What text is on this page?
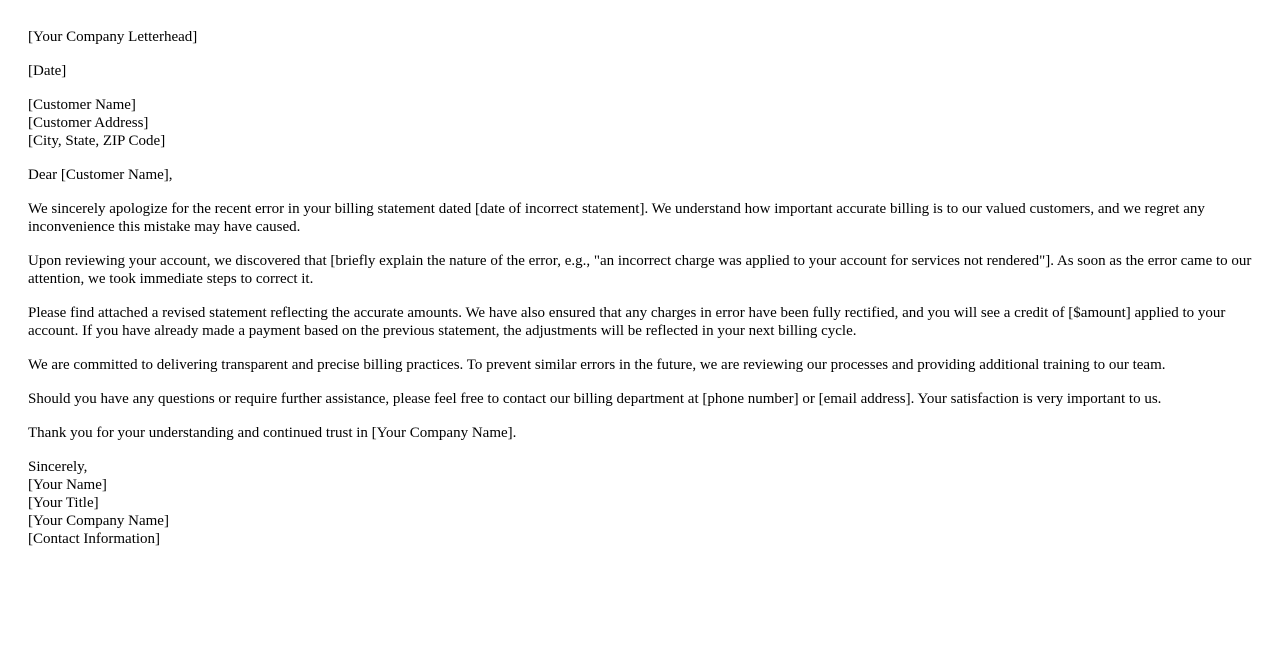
[Your Company Letterhead]
[Date]
[Customer Name]
[Customer Address]
[City, State, ZIP Code]
Dear [Customer Name],

We sincerely apologize for the recent error in your billing statement dated [date of incorrect statement]. We understand how important accurate billing is to our valued customers, and we regret any inconvenience this mistake may have caused.

Upon reviewing your account, we discovered that [briefly explain the nature of the error, e.g., "an incorrect charge was applied to your account for services not rendered"]. As soon as the error came to our attention, we took immediate steps to correct it.

Please find attached a revised statement reflecting the accurate amounts. We have also ensured that any charges in error have been fully rectified, and you will see a credit of [$amount] applied to your account. If you have already made a payment based on the previous statement, the adjustments will be reflected in your next billing cycle.

We are committed to delivering transparent and precise billing practices. To prevent similar errors in the future, we are reviewing our processes and providing additional training to our team.

Should you have any questions or require further assistance, please feel free to contact our billing department at [phone number] or [email address]. Your satisfaction is very important to us.

Thank you for your understanding and continued trust in [Your Company Name].

Sincerely,
[Your Name]
[Your Title]
[Your Company Name]
[Contact Information]
